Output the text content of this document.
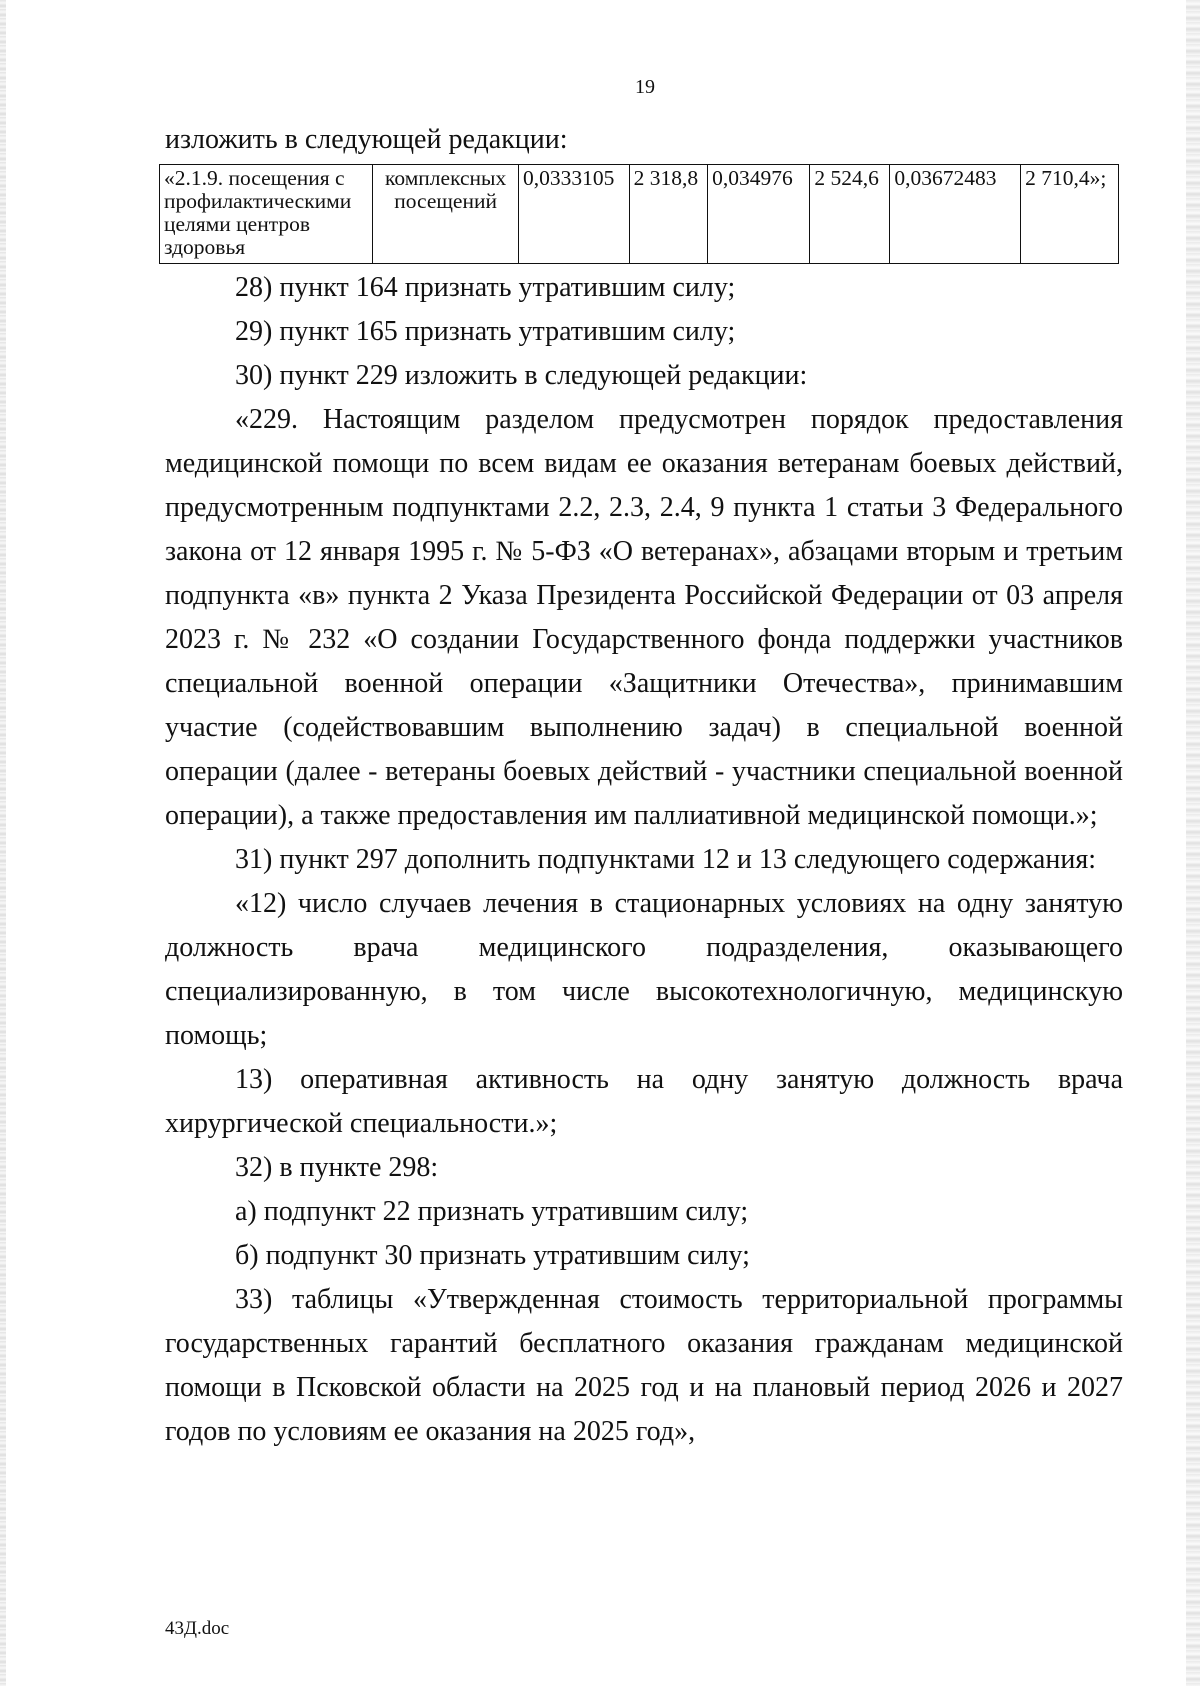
19

изложить в следующей редакции:

«2.1.9. посещения с профилактическими целями центров здоровья	комплексных посещений	0,0333105	2 318,8	0,034976	2 524,6	0,03672483	2 710,4»;

28) пункт 164 признать утратившим силу;

29) пункт 165 признать утратившим силу;

30) пункт 229 изложить в следующей редакции:

«229. Настоящим разделом предусмотрен порядок предоставления медицинской помощи по всем видам ее оказания ветеранам боевых действий, предусмотренным подпунктами 2.2, 2.3, 2.4, 9 пункта 1 статьи 3 Федерального закона от 12 января 1995 г. № 5-ФЗ «О ветеранах», абзацами вторым и третьим подпункта «в» пункта 2 Указа Президента Российской Федерации от 03 апреля 2023 г. № 232 «О создании Государственного фонда поддержки участников специальной военной операции «Защитники Отечества», принимавшим участие (содействовавшим выполнению задач) в специальной военной операции (далее - ветераны боевых действий - участники специальной военной операции), а также предоставления им паллиативной медицинской помощи.»;

31) пункт 297 дополнить подпунктами 12 и 13 следующего содержания:

«12) число случаев лечения в стационарных условиях на одну занятую должность врача медицинского подразделения, оказывающего специализированную, в том числе высокотехнологичную, медицинскую помощь;

13) оперативная активность на одну занятую должность врача хирургической специальности.»;

32) в пункте 298:

а) подпункт 22 признать утратившим силу;

б) подпункт 30 признать утратившим силу;

33) таблицы «Утвержденная стоимость территориальной программы государственных гарантий бесплатного оказания гражданам медицинской помощи в Псковской области на 2025 год и на плановый период 2026 и 2027 годов по условиям ее оказания на 2025 год»,

43Д.doc
